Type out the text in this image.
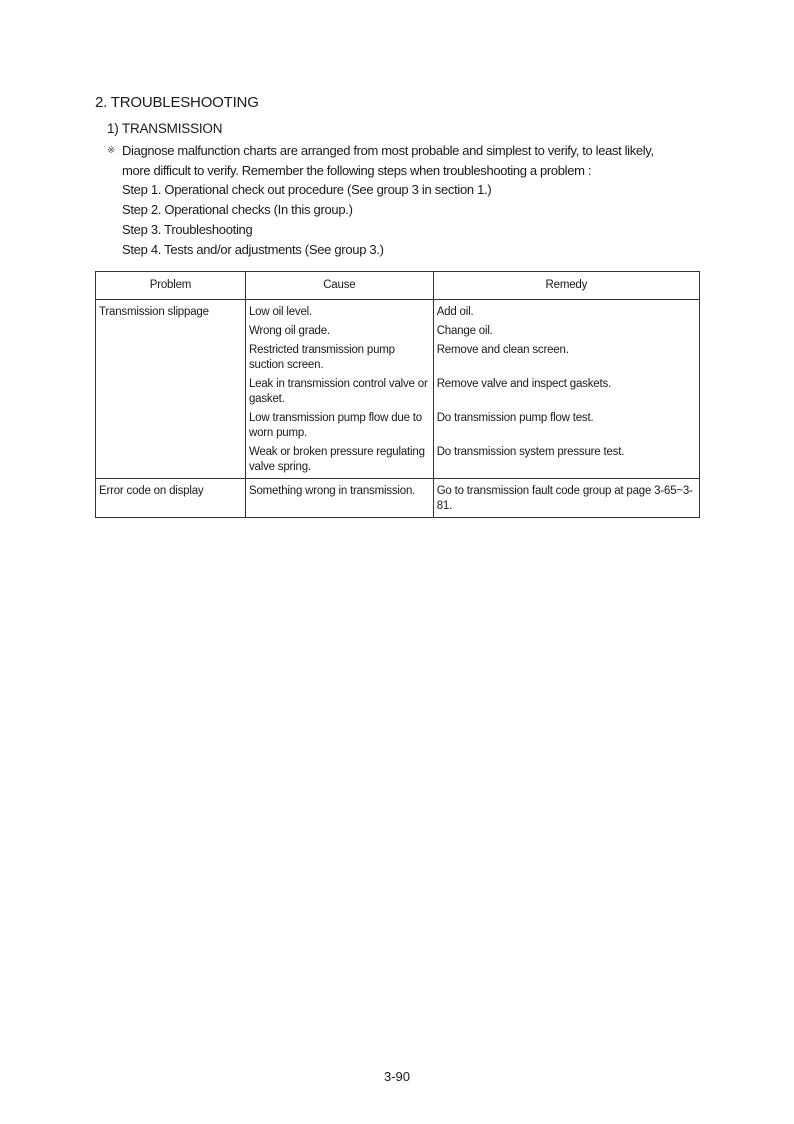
2. TROUBLESHOOTING
1) TRANSMISSION
※ Diagnose malfunction charts are arranged from most probable and simplest to verify, to least likely,
more difficult to verify. Remember the following steps when troubleshooting a problem :
Step 1. Operational check out procedure (See group 3 in section 1.)
Step 2. Operational checks (In this group.)
Step 3. Troubleshooting
Step 4. Tests and/or adjustments (See group 3.)
Problem	Cause	Remedy
Transmission slippage	Low oil level.	Add oil.
	Wrong oil grade.	Change oil.
	Restricted transmission pump suction screen.	Remove and clean screen.
	Leak in transmission control valve or gasket.	Remove valve and inspect gaskets.
	Low transmission pump flow due to worn pump.	Do transmission pump flow test.
	Weak or broken pressure regulating valve spring.	Do transmission system pressure test.
Error code on display	Something wrong in transmission.	Go to transmission fault code group at page 3-65~3-81.
3-90
